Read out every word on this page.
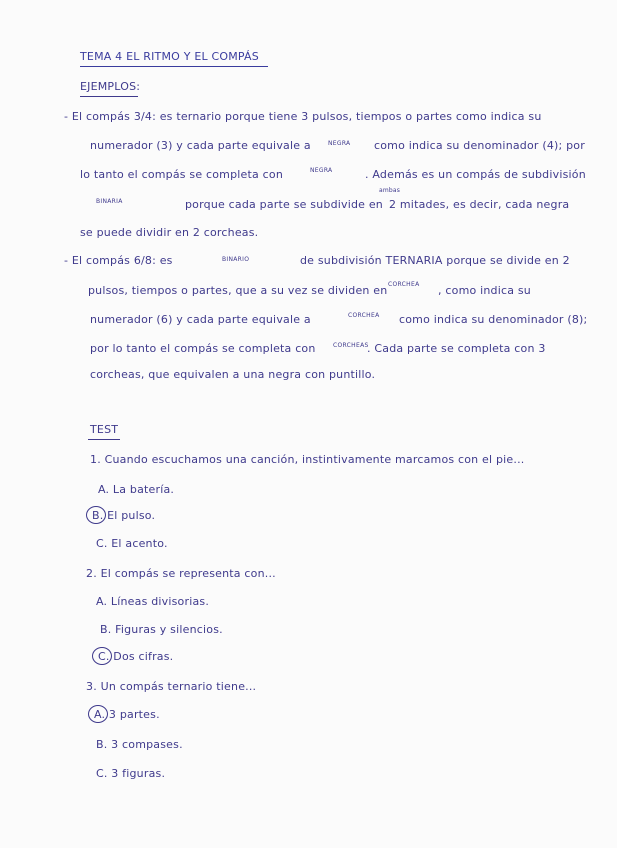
TEMA 4 EL RITMO Y EL COMPÁS
EJEMPLOS:
- El compás 3/4: es ternario porque tiene 3 pulsos, tiempos o partes como indica su
numerador (3) y cada parte equivale a	NEGRA como indica su denominador (4); por
lo tanto el compás se completa con	NEGRA	. Además es un compás de subdivisión
BINARIA	porque cada parte se subdivide en
ambas
2 mitades, es decir, cada negra
se puede dividir en 2 corcheas.
- El compás 6/8: es	BINARIO	de subdivisión TERNARIA porque se divide en 2
pulsos, tiempos o partes, que a su vez se dividen en CORCHEA , como indica su
numerador (6) y cada parte equivale a	CORCHEA como indica su denominador (8);
por lo tanto el compás se completa con	CORCHEAS
. Cada parte se completa con 3
corcheas, que equivalen a una negra con puntillo.
TEST
1. Cuando escuchamos una canción, instintivamente marcamos con el pie...
A. La batería.
B. El pulso.
C. El acento.
2. El compás se representa con...
A. Líneas divisorias.
B. Figuras y silencios.
C. Dos cifras.
3. Un compás ternario tiene...
A. 3 partes.
B. 3 compases.
C. 3 figuras.
